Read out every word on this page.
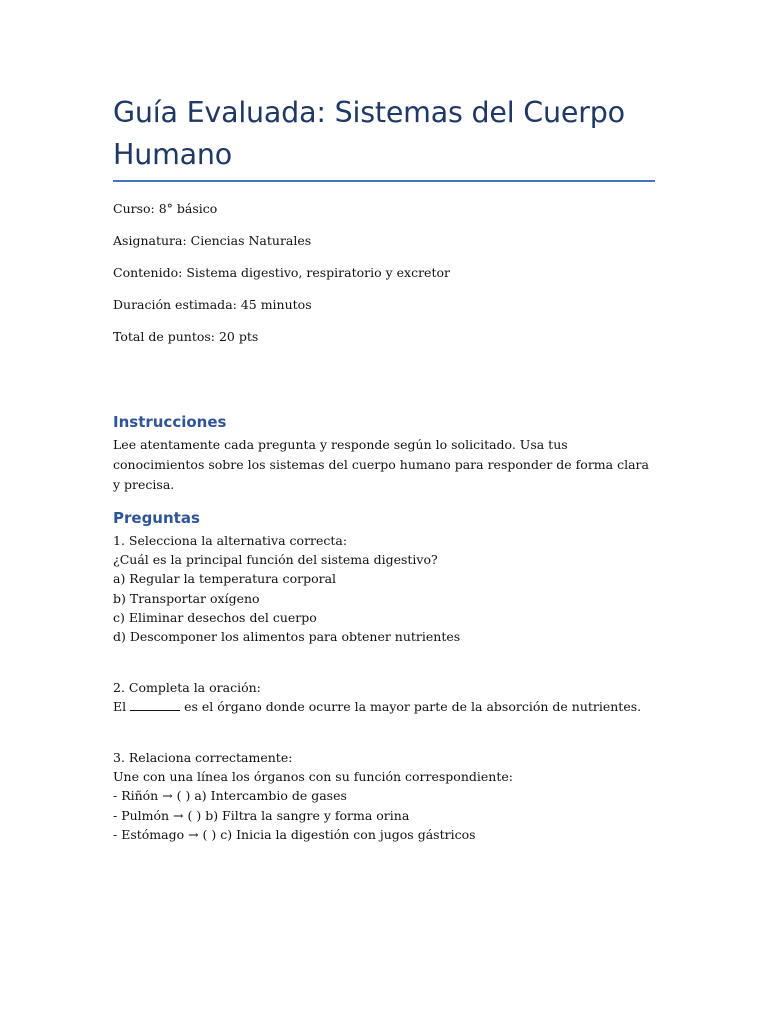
Guía Evaluada: Sistemas del Cuerpo Humano

Curso: 8° básico

Asignatura: Ciencias Naturales

Contenido: Sistema digestivo, respiratorio y excretor

Duración estimada: 45 minutos

Total de puntos: 20 pts

Instrucciones

Lee atentamente cada pregunta y responde según lo solicitado. Usa tus conocimientos sobre los sistemas del cuerpo humano para responder de forma clara y precisa.

Preguntas

1. Selecciona la alternativa correcta:

¿Cuál es la principal función del sistema digestivo?

a) Regular la temperatura corporal

b) Transportar oxígeno

c) Eliminar desechos del cuerpo

d) Descomponer los alimentos para obtener nutrientes

2. Completa la oración:

El	es el órgano donde ocurre la mayor parte de la absorción de nutrientes.

3. Relaciona correctamente:

Une con una línea los órganos con su función correspondiente:

- Riñón → ( ) a) Intercambio de gases

- Pulmón → ( ) b) Filtra la sangre y forma orina

- Estómago → ( ) c) Inicia la digestión con jugos gástricos
